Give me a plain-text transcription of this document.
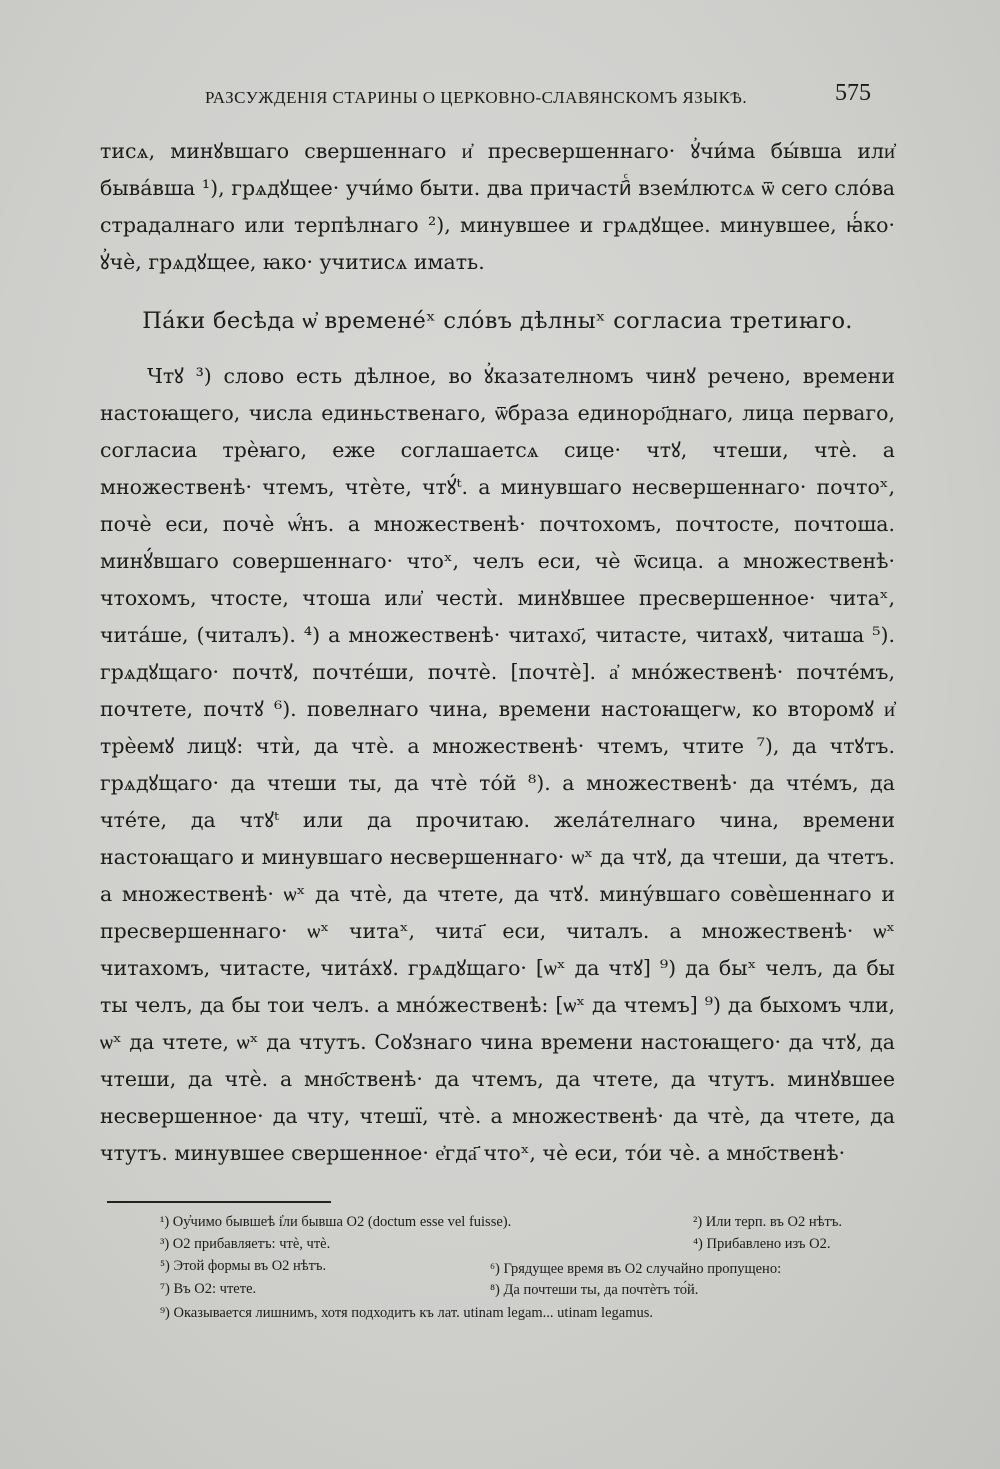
РАЗСУЖДЕНІЯ СТАРИНЫ О ЦЕРКОВНО-СЛАВЯНСКОМЪ ЯЗЫКѢ.	575

тисѧ, минꙋвшаго свершеннаго и҆ пресвершеннаго· ꙋ҆чи́ма бы́вша или҆ быва́вша ¹), грѧдꙋщее· учи́мо быти. два причасти҄ⷭ взем́лютсѧ ѿ сего сло́ва страдалнаго или терпѣлнаго ²), минувшее и грѧдꙋщее. минувшее, ꙗ҆́ко· ꙋ҆чѐ, грѧдꙋщее, ꙗко· учитисѧ имать.

Па́ки бесѣда ѡ҆ времене́ˣ сло́въ дѣлныˣ согласиа третиꙗго.

Чтꙋ ³) слово есть дѣлное, во ꙋ҆казателномъ чинꙋ речено, времени настоꙗщего, числа единьственаго, ѿбраза единоро҃днаго, лица перваго, согласиа трѐꙗго, еже соглашаетсѧ сице· чтꙋ, чтеши, чтѐ. а множественѣ· чтемъ, чтѐте, чтꙋ́ᵗ. а минувшаго несвершеннаго· почтоˣ, почѐ еси, почѐ ѡ҆́нъ. а множественѣ· почтохомъ, почтосте, почтоша. минꙋ́вшаго совершеннаго· чтоˣ, челъ еси, чѐ ѿсица. а множественѣ· чтохомъ, чтосте, чтоша или҆ честѝ. минꙋвшее пресвершенное· читаˣ, чита́ше, (читалъ). ⁴) а множественѣ· читахо҃, читасте, читахꙋ, читаша ⁵). грѧдꙋщаго· почтꙋ, почте́ши, почтѐ. [почтѐ]. а҆ мно́жественѣ· почте́мъ, почтете, почтꙋ ⁶). повелнаго чина, времени настоꙗщегѡ, ко второмꙋ и҆ трѐемꙋ лицꙋ: чтѝ, да чтѐ. а множественѣ· чтемъ, чтите ⁷), да чтꙋтъ. грѧдꙋщаго· да чтеши ты, да чтѐ то́й ⁸). а множественѣ· да чте́мъ, да чте́те, да чтꙋᵗ или да прочитаю. жела́телнаго чина, времени настоꙗщаго и минувшаго несвершеннаго· ѡˣ да чтꙋ, да чтеши, да чтетъ. а множественѣ· ѡˣ да чтѐ, да чтете, да чтꙋ. мину́вшаго совѐшеннаго и пресвершеннаго· ѡˣ читаˣ, чита҃ еси, читалъ. а множественѣ· ѡˣ читахомъ, читасте, чита́хꙋ. грѧдꙋщаго· [ѡˣ да чтꙋ] ⁹) да быˣ челъ, да бы ты челъ, да бы тои челъ. а мно́жественѣ: [ѡˣ да чтемъ] ⁹) да быхомъ чли, ѡˣ да чтете, ѡˣ да чтутъ. Соꙋзнаго чина времени настоꙗщего· да чтꙋ, да чтеши, да чтѐ. а мно҃ственѣ· да чтемъ, да чтете, да чтутъ. минꙋвшее несвершенное· да чту, чтешї, чтѐ. а множественѣ· да чтѐ, да чтете, да чтутъ. минувшее свершенное· е҆гда҃ чтоˣ, чѐ еси, то́и чѐ. а мно҃ственѣ·

¹) Оу҆чимо бывшеѣ і҆ли бывша О2 (doctum esse vel fuisse).	²) Или терп. въ О2 нѣтъ.
³) О2 прибавляетъ: чтѐ, чтѐ.	⁴) Прибавлено изъ О2.
⁵) Этой формы въ О2 нѣтъ.	⁶) Грядущее время въ О2 случайно пропущено:
⁷) Въ О2: чтете.	⁸) Да почтеши ты, да почтѐтъ то́й.
⁹) Оказывается лишнимъ, хотя подходитъ къ лат. utinam legam... utinam legamus.
